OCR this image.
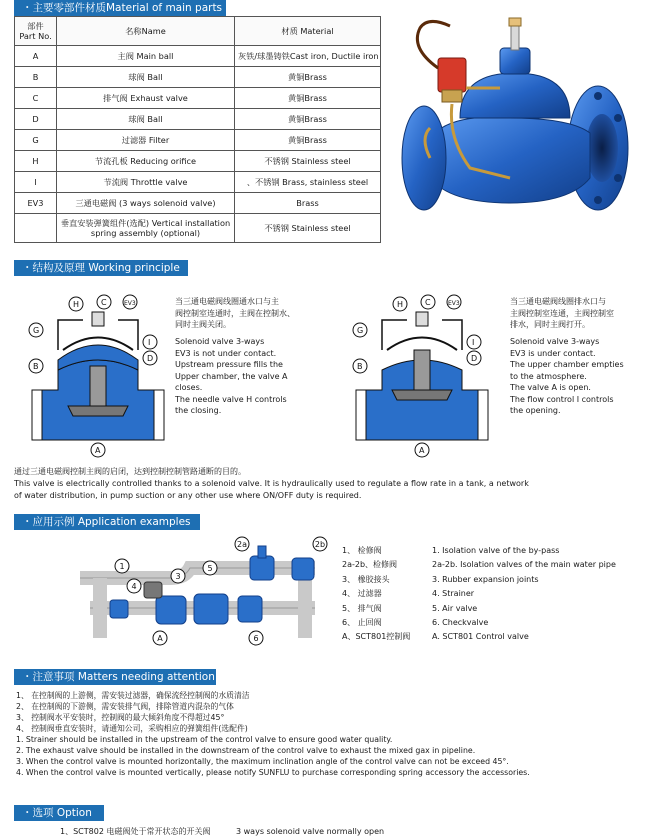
・主要零部件材质Material of main parts
部件 Part No.	名称Name	材质 Material
A	主阀 Main ball	灰铁/球墨铸铁Cast iron, Ductile iron
B	球阀 Ball	黄铜Brass
C	排气阀 Exhaust valve	黄铜Brass
D	球阀 Ball	黄铜Brass
G	过滤器 Filter	黄铜Brass
H	节流孔板 Reducing orifice	不锈钢 Stainless steel
I	节流阀 Throttle valve	、不锈钢 Brass, stainless steel
EV3	三通电磁阀 (3 ways solenoid valve)	Brass
	垂直安装弹簧组件(选配) Vertical installation spring assembly (optional)	不锈钢 Stainless steel
・结构及原理 Working principle
H	C	EV3
G
I
D
B
A
当三通电磁阀线圈通水口与主
阀控制室连通时，主阀在控制水、
同时主阀关闭。
Solenoid valve 3-ways
EV3 is not under contact.
Upstream pressure fills the
Upper chamber, the valve A
closes.
The needle valve H controls
the closing.
H	C	EV3
G
I
D
B
A
当三通电磁阀线圈排水口与
主阀控制室连通，主阀控制室
排水，同时主阀打开。
Solenoid valve 3-ways
EV3 is under contact.
The upper chamber empties
to the atmosphere.
The valve A is open.
The flow control I controls
the opening.
通过三通电磁阀控制主阀的启闭，达到控制控制管路通断的目的。
This valve is electrically controlled thanks to a solenoid valve. It is hydraulically used to regulate a flow rate in a tank, a network
of water distribution, in pump suction or any other use where ON/OFF duty is required.
・应用示例 Application examples
1
2a	2b
3
4
5
6
A
1、 检修阀
2a-2b、检修阀
3、 橡胶接头
4、 过滤器
5、 排气阀
6、 止回阀
A、SCT801控制阀
1. Isolation valve of the by-pass
2a-2b. Isolation valves of the main water pipe
3. Rubber expansion joints
4. Strainer
5. Air valve
6. Checkvalve
A. SCT801 Control valve
・注意事项 Matters needing attention
1、 在控制阀的上游侧，需安装过滤器，确保流经控制阀的水质清洁
2、 在控制阀的下游侧，需安装排气阀，排除管道内混杂的气体
3、 控制阀水平安装时，控制阀的最大倾斜角度不得超过45°
4、 控制阀垂直安装时，请通知公司，采购相应的弹簧组件(选配件)
1. Strainer should be installed in the upstream of the control valve to ensure good water quality.
2. The exhaust valve should be installed in the downstream of the control valve to exhaust the mixed gax in pipeline.
3. When the control valve is mounted horizontally, the maximum inclination angle of the control valve can not be exceed 45°.
4. When the control valve is mounted vertically, please notify SUNFLU to purchase corresponding spring accessory the accessories.
・选项 Option
1、SCT802 电磁阀处于常开状态的开关阀	3 ways solenoid valve normally open
